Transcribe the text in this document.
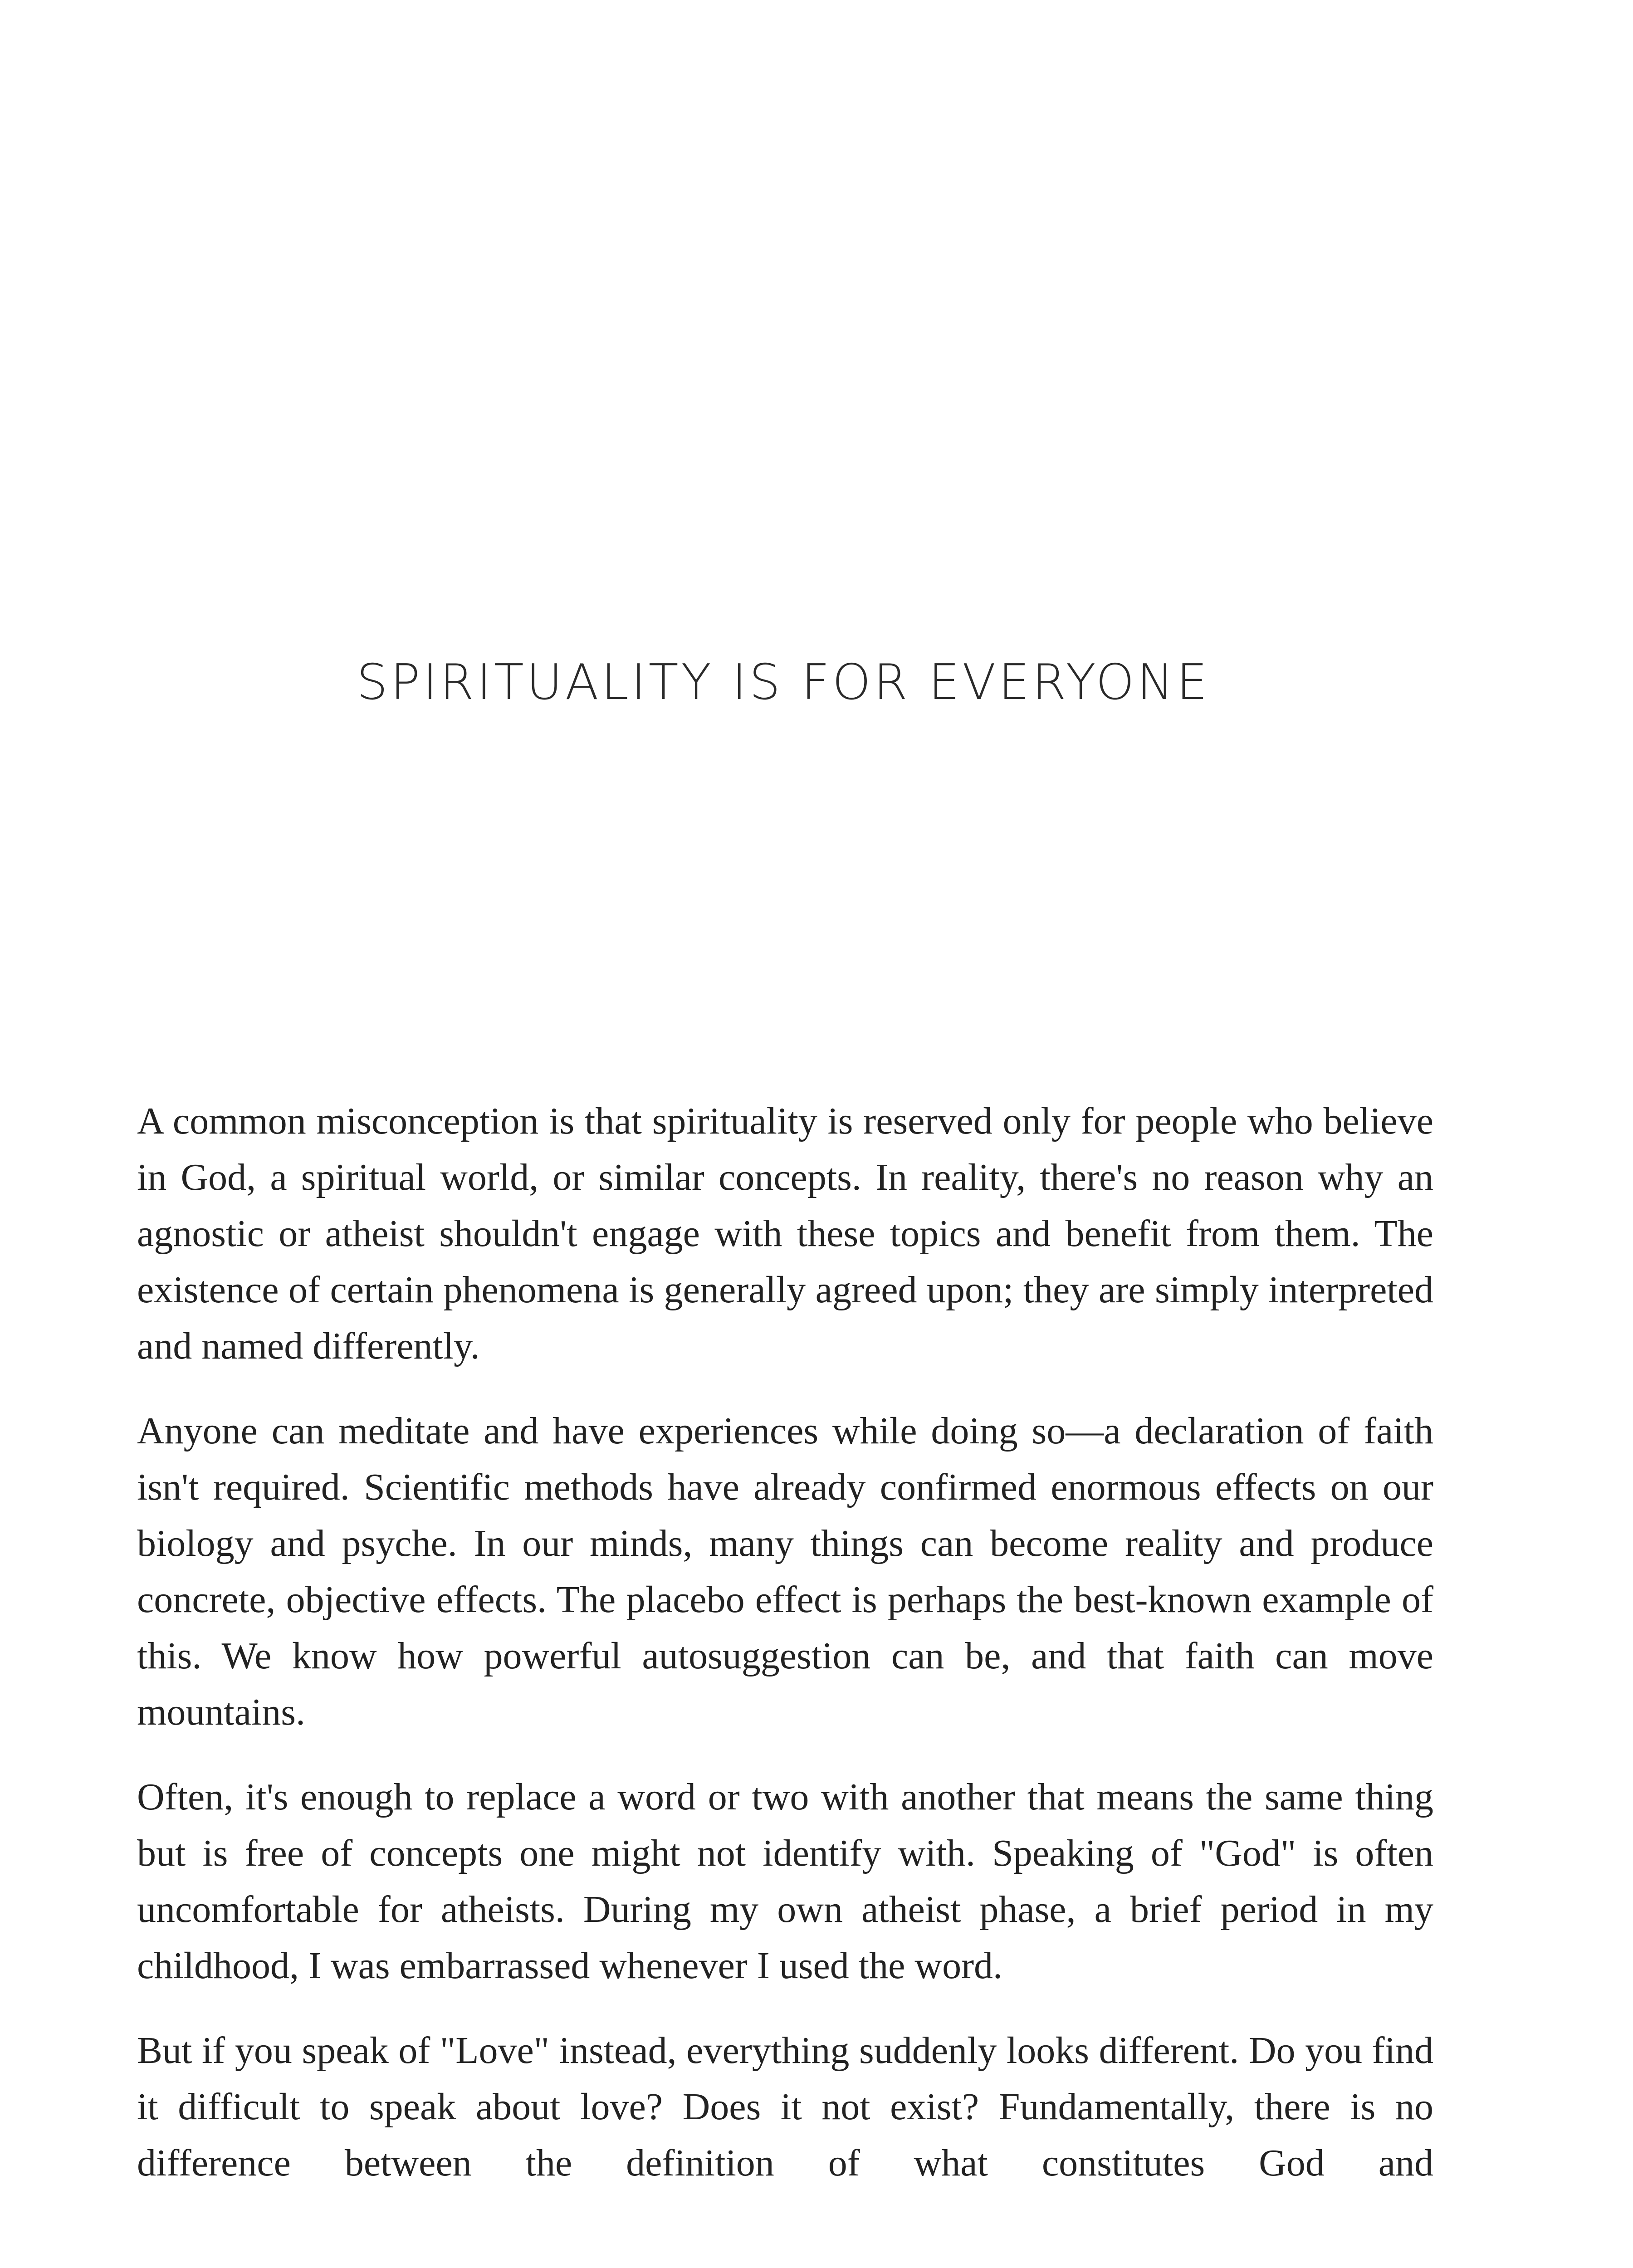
SPIRITUALITY IS FOR EVERYONE

A common misconception is that spirituality is reserved only for people who believe in God, a spiritual world, or similar concepts. In reality, there's no reason why an agnostic or atheist shouldn't engage with these topics and benefit from them. The existence of certain phenomena is generally agreed upon; they are simply interpreted and named differently.

Anyone can meditate and have experiences while doing so—a declaration of faith isn't required. Scientific methods have already confirmed enormous effects on our biology and psyche. In our minds, many things can become reality and produce concrete, objective effects. The placebo effect is perhaps the best-known example of this. We know how powerful autosuggestion can be, and that faith can move mountains.

Often, it's enough to replace a word or two with another that means the same thing but is free of concepts one might not identify with. Speaking of "God" is often uncomfortable for atheists. During my own atheist phase, a brief period in my childhood, I was embarrassed whenever I used the word.

But if you speak of "Love" instead, everything suddenly looks different. Do you find it difficult to speak about love? Does it not exist? Fundamentally, there is no difference between the definition of what constitutes God and
